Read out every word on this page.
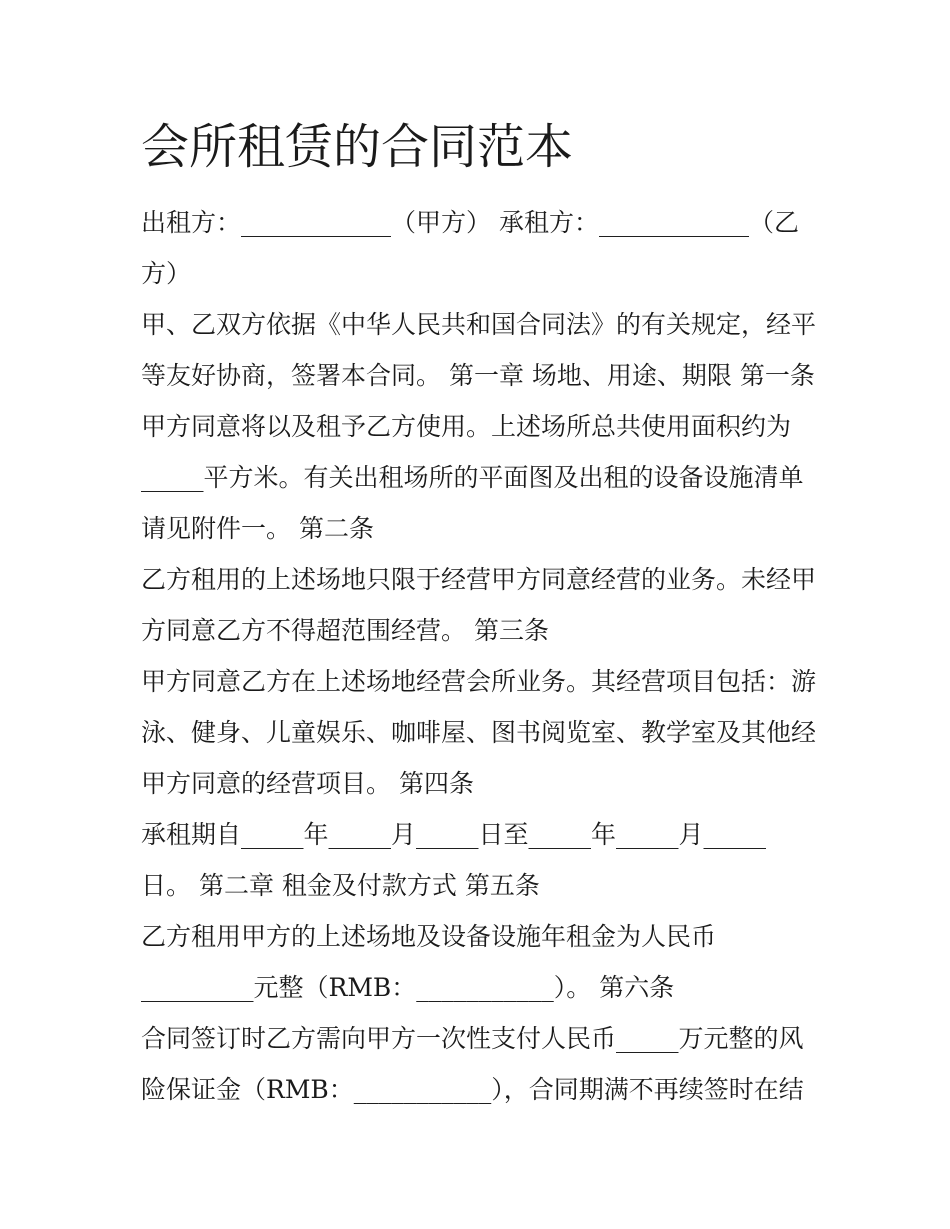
会所租赁的合同范本
出租方：____________（甲方） 承租方：____________（乙
方）
甲、乙双方依据《中华人民共和国合同法》的有关规定，经平
等友好协商，签署本合同。 第一章 场地、用途、期限 第一条
甲方同意将以及租予乙方使用。上述场所总共使用面积约为
_____平方米。有关出租场所的平面图及出租的设备设施清单
请见附件一。 第二条
乙方租用的上述场地只限于经营甲方同意经营的业务。未经甲
方同意乙方不得超范围经营。 第三条
甲方同意乙方在上述场地经营会所业务。其经营项目包括：游
泳、健身、儿童娱乐、咖啡屋、图书阅览室、教学室及其他经
甲方同意的经营项目。 第四条
承租期自_____年_____月_____日至_____年_____月_____
日。 第二章 租金及付款方式 第五条
乙方租用甲方的上述场地及设备设施年租金为人民币
_________元整（RMB：___________）。 第六条
合同签订时乙方需向甲方一次性支付人民币_____万元整的风
险保证金（RMB：___________），合同期满不再续签时在结
